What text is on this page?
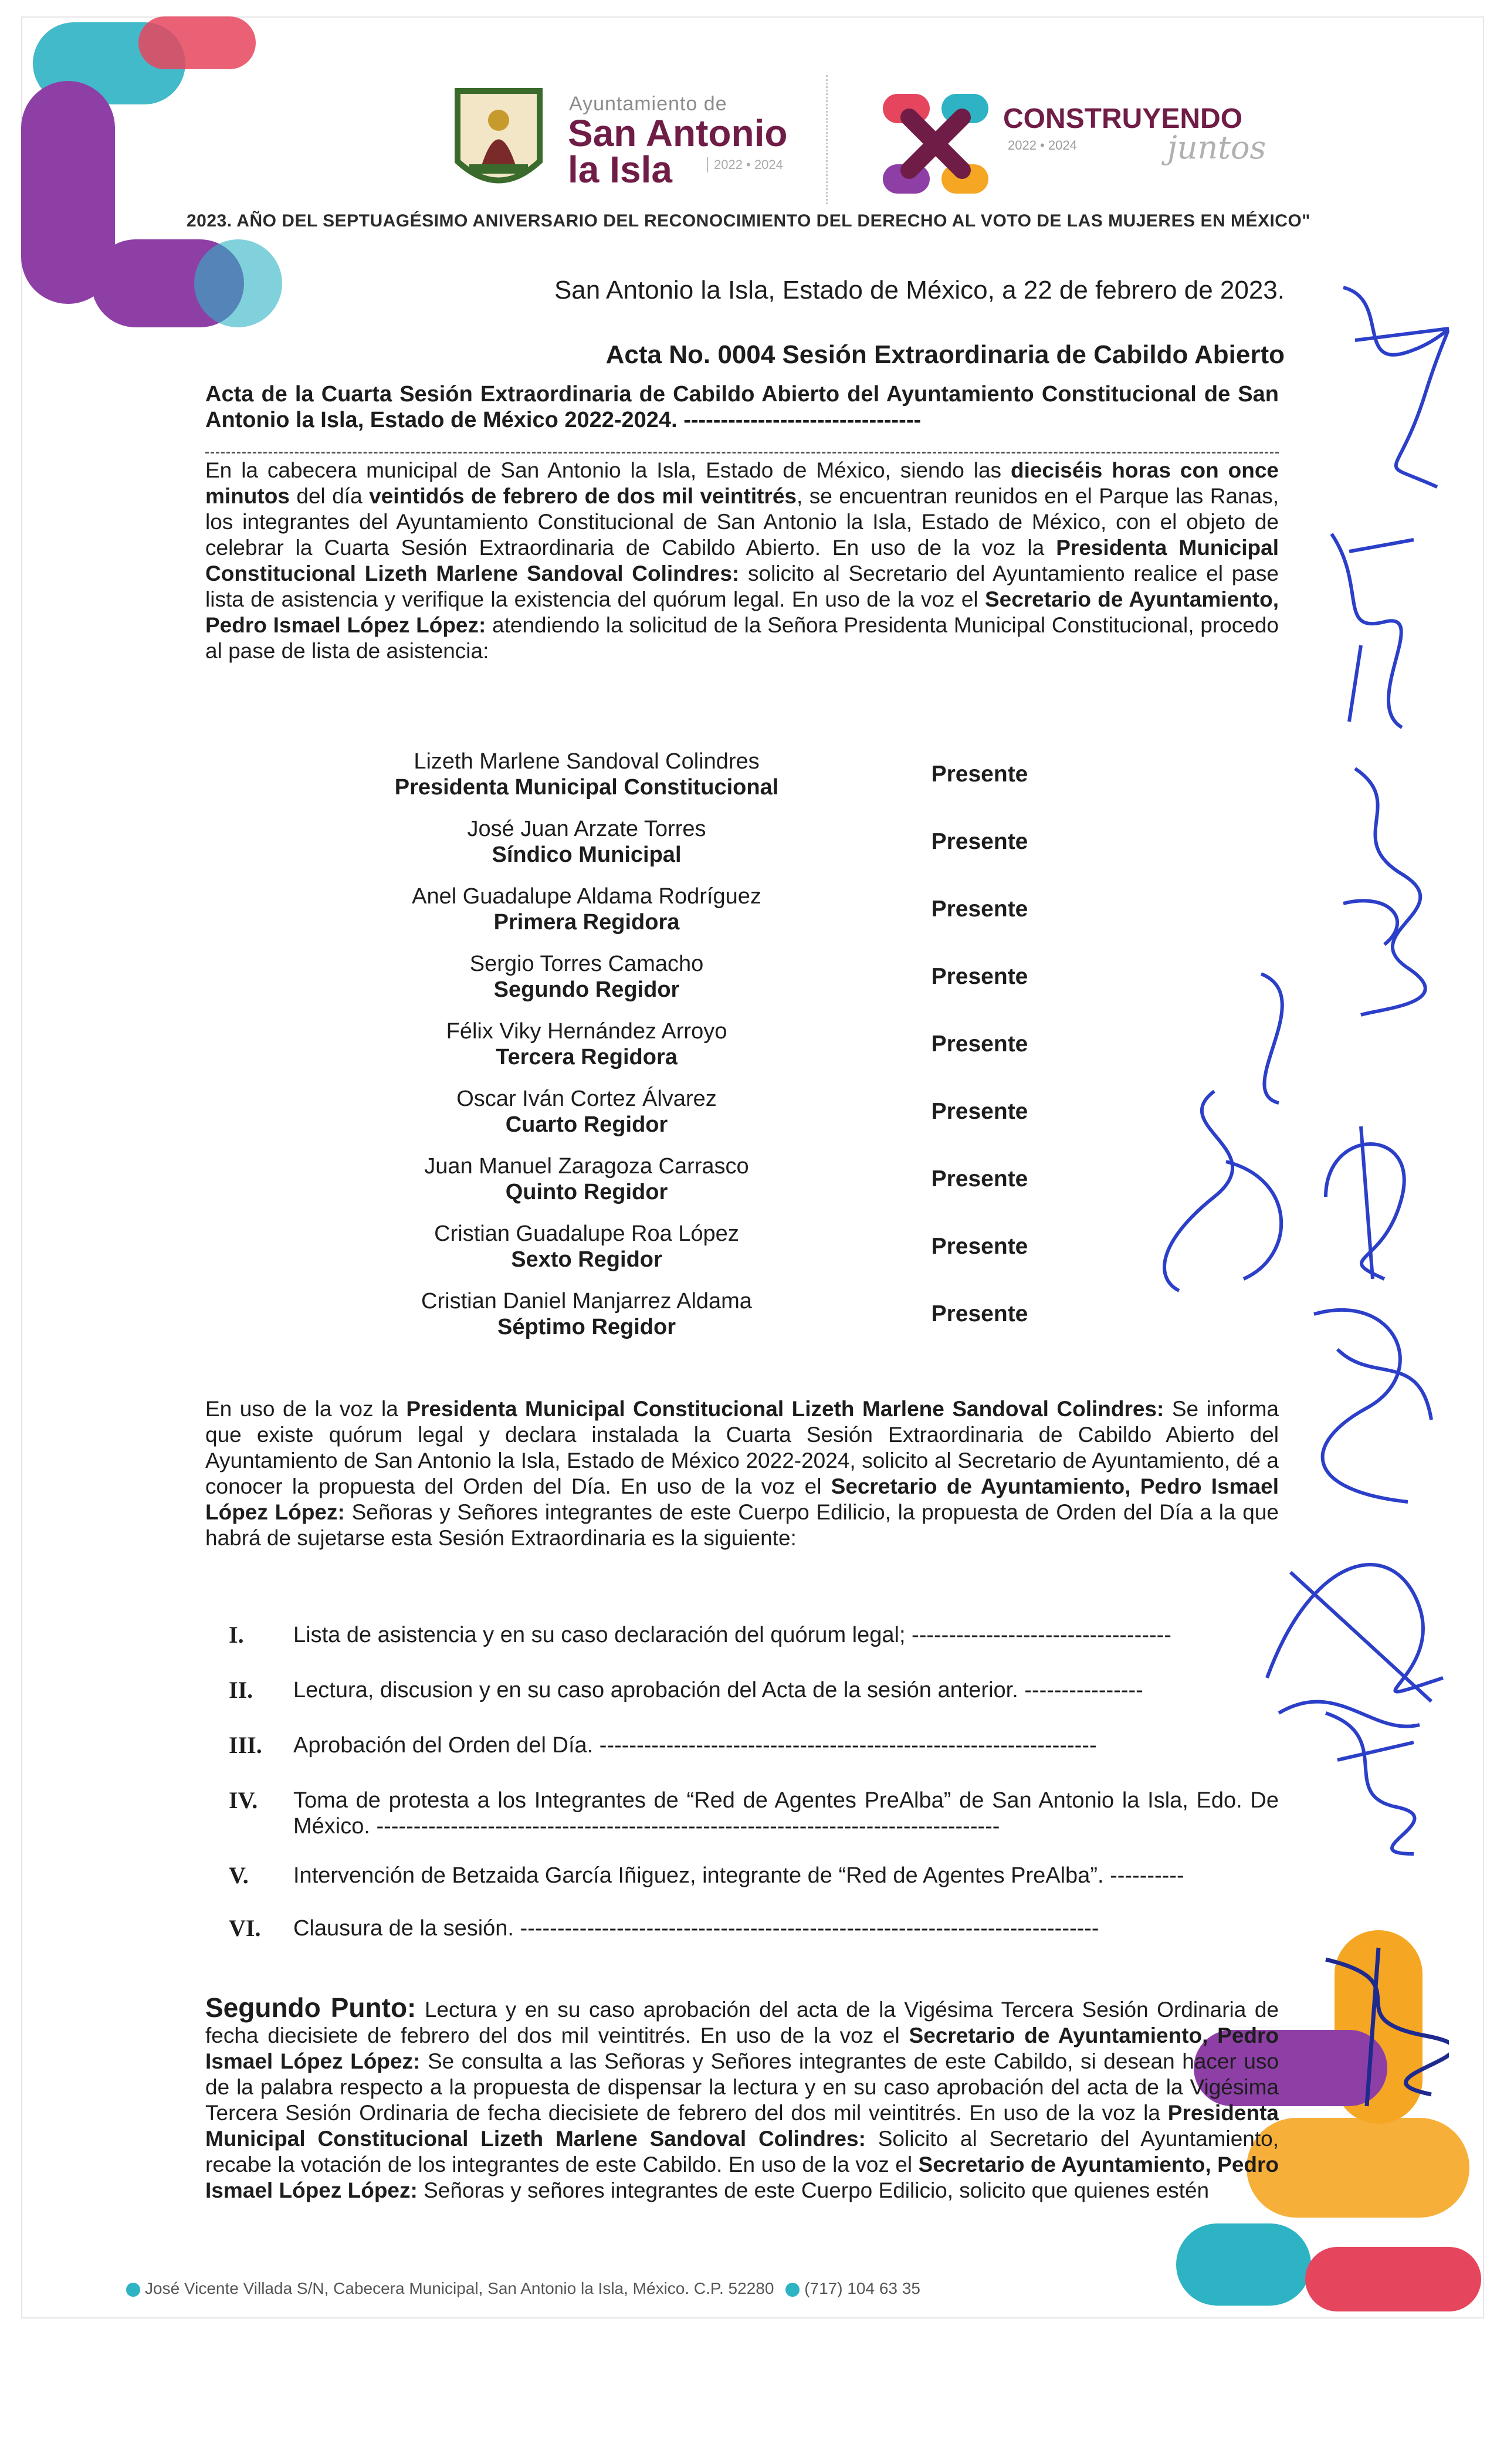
Ayuntamiento de
San Antonio
la Isla	2022 • 2024
CONSTRUYENDO
2022 • 2024	juntos
2023. AÑO DEL SEPTUAGÉSIMO ANIVERSARIO DEL RECONOCIMIENTO DEL DERECHO AL VOTO DE LAS MUJERES EN MÉXICO"
San Antonio la Isla, Estado de México, a 22 de febrero de 2023.
Acta No. 0004 Sesión Extraordinaria de Cabildo Abierto
Acta de la Cuarta Sesión Extraordinaria de Cabildo Abierto del Ayuntamiento Constitucional de San Antonio la Isla, Estado de México 2022-2024. --------------------------------
En la cabecera municipal de San Antonio la Isla, Estado de México, siendo las dieciséis horas con once minutos del día veintidós de febrero de dos mil veintitrés, se encuentran reunidos en el Parque las Ranas, los integrantes del Ayuntamiento Constitucional de San Antonio la Isla, Estado de México, con el objeto de celebrar la Cuarta Sesión Extraordinaria de Cabildo Abierto. En uso de la voz la Presidenta Municipal Constitucional Lizeth Marlene Sandoval Colindres: solicito al Secretario del Ayuntamiento realice el pase lista de asistencia y verifique la existencia del quórum legal. En uso de la voz el Secretario de Ayuntamiento, Pedro Ismael López López: atendiendo la solicitud de la Señora Presidenta Municipal Constitucional, procedo al pase de lista de asistencia:
Lizeth Marlene Sandoval Colindres
Presidenta Municipal Constitucional
Presente
José Juan Arzate Torres
Síndico Municipal
Presente
Anel Guadalupe Aldama Rodríguez
Primera Regidora
Presente
Sergio Torres Camacho
Segundo Regidor
Presente
Félix Viky Hernández Arroyo
Tercera Regidora
Presente
Oscar Iván Cortez Álvarez
Cuarto Regidor
Presente
Juan Manuel Zaragoza Carrasco
Quinto Regidor
Presente
Cristian Guadalupe Roa López
Sexto Regidor
Presente
Cristian Daniel Manjarrez Aldama
Séptimo Regidor
Presente
En uso de la voz la Presidenta Municipal Constitucional Lizeth Marlene Sandoval Colindres: Se informa que existe quórum legal y declara instalada la Cuarta Sesión Extraordinaria de Cabildo Abierto del Ayuntamiento de San Antonio la Isla, Estado de México 2022-2024, solicito al Secretario de Ayuntamiento, dé a conocer la propuesta del Orden del Día. En uso de la voz el Secretario de Ayuntamiento, Pedro Ismael López López: Señoras y Señores integrantes de este Cuerpo Edilicio, la propuesta de Orden del Día a la que habrá de sujetarse esta Sesión Extraordinaria es la siguiente:
I.	Lista de asistencia y en su caso declaración del quórum legal; -----------------------------------
II.	Lectura, discusion y en su caso aprobación del Acta de la sesión anterior. ----------------
III.	Aprobación del Orden del Día. -------------------------------------------------------------------
IV.	Toma de protesta a los Integrantes de “Red de Agentes PreAlba” de San Antonio la Isla, Edo. De México. ------------------------------------------------------------------------------------
V.	Intervención de Betzaida García Iñiguez, integrante de “Red de Agentes PreAlba”. ----------
VI.	Clausura de la sesión. ------------------------------------------------------------------------------
Segundo Punto: Lectura y en su caso aprobación del acta de la Vigésima Tercera Sesión Ordinaria de fecha diecisiete de febrero del dos mil veintitrés. En uso de la voz el Secretario de Ayuntamiento, Pedro Ismael López López: Se consulta a las Señoras y Señores integrantes de este Cabildo, si desean hacer uso de la palabra respecto a la propuesta de dispensar la lectura y en su caso aprobación del acta de la Vigésima Tercera Sesión Ordinaria de fecha diecisiete de febrero del dos mil veintitrés. En uso de la voz la Presidenta Municipal Constitucional Lizeth Marlene Sandoval Colindres: Solicito al Secretario del Ayuntamiento, recabe la votación de los integrantes de este Cabildo. En uso de la voz el Secretario de Ayuntamiento, Pedro Ismael López López: Señoras y señores integrantes de este Cuerpo Edilicio, solicito que quienes estén
José Vicente Villada S/N, Cabecera Municipal, San Antonio la Isla, México. C.P. 52280 (717) 104 63 35
